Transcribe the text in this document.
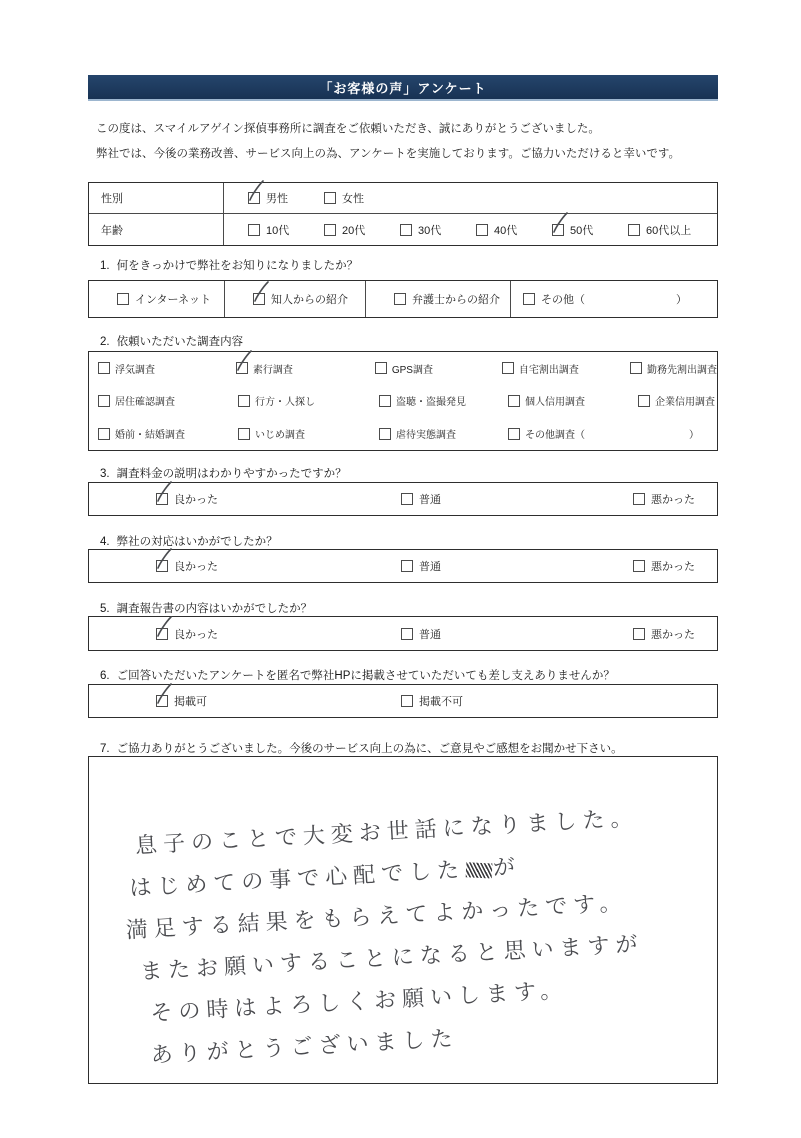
「お客様の声」アンケート

この度は、スマイルアゲイン探偵事務所に調査をご依頼いただき、誠にありがとうございました。

弊社では、今後の業務改善、サービス向上の為、アンケートを実施しております。ご協力いただけると幸いです。

性別	男性	女性
年齢	10代	20代	30代	40代	50代	60代以上

1. 何をきっかけで弊社をお知りになりましたか？

インターネット	知人からの紹介	弁護士からの紹介	その他（	）

2. 依頼いただいた調査内容

浮気調査	素行調査	GPS調査	自宅割出調査	勤務先割出調査
居住確認調査	行方・人探し	盗聴・盗撮発見	個人信用調査	企業信用調査
婚前・結婚調査	いじめ調査	虐待実態調査	その他調査（	）

3. 調査料金の説明はわかりやすかったですか？

良かった	普通	悪かった

4. 弊社の対応はいかがでしたか？

良かった	普通	悪かった

5. 調査報告書の内容はいかがでしたか？

良かった	普通	悪かった

6. ご回答いただいたアンケートを匿名で弊社HPに掲載させていただいても差し支えありませんか？

掲載可	掲載不可

7. ご協力ありがとうございました。今後のサービス向上の為に、ご意見やご感想をお聞かせ下さい。

息子のことで大変お世話になりました。
はじめての事で心配でした が
満足する結果をもらえてよかったです。
またお願いすることになると思いますが
その時はよろしくお願いします。
ありがとうございました
